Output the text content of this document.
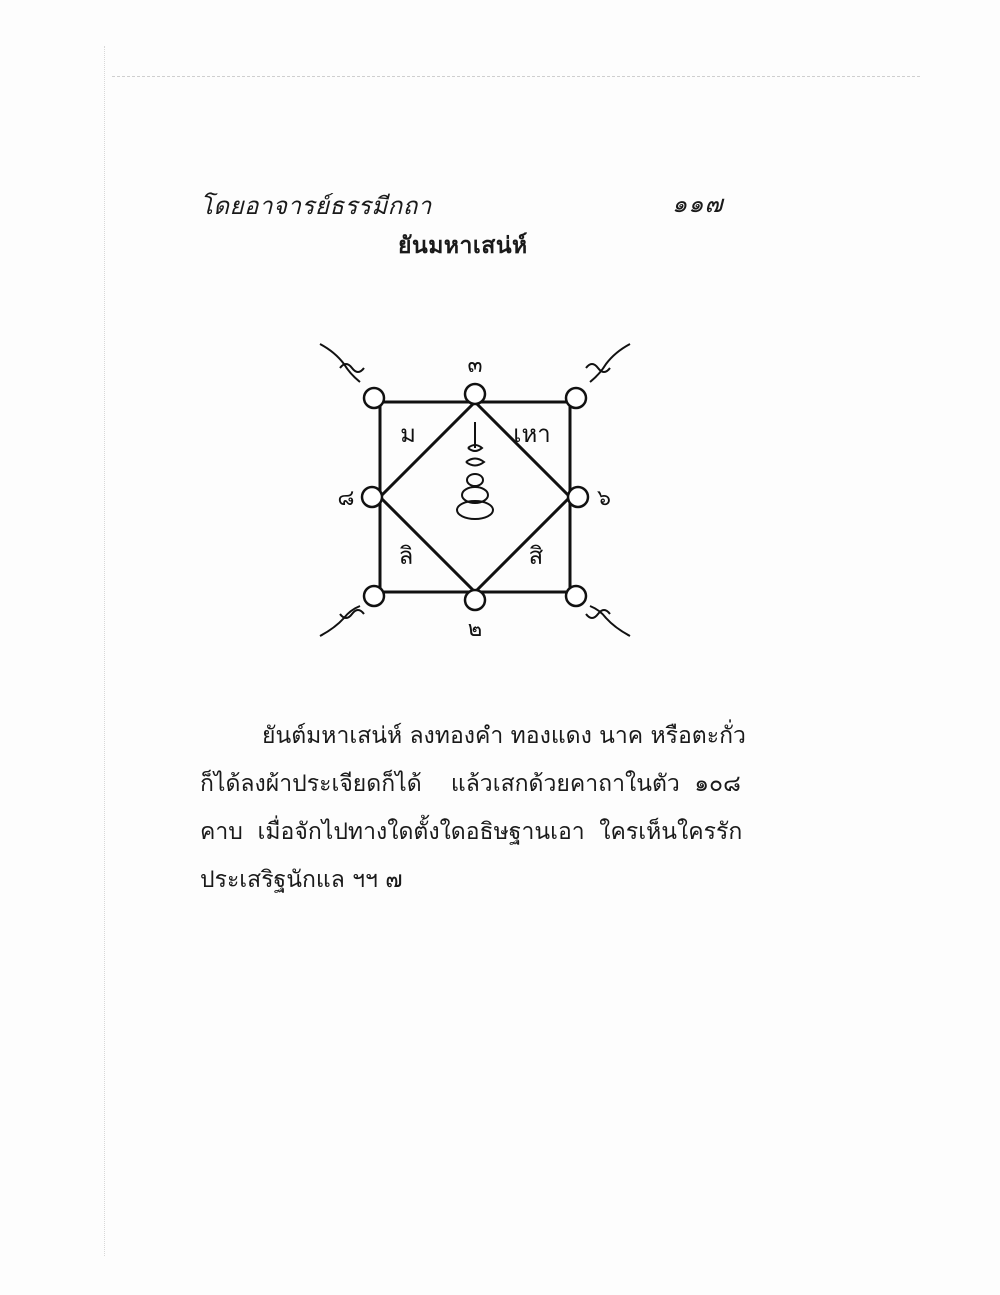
โดยอาจารย์ธรรมีกถา	๑๑๗
ยันมหาเสน่ห์
๓
๘	๖
๒
ม	เหา
ลิ	สิ
ยันต์มหาเสน่ห์ ลงทองคำ ทองแดง นาค หรือตะกั่ว
ก็ได้ลงผ้าประเจียดก็ได้    แล้วเสกด้วยคาถาในตัว  ๑๐๘
คาบ  เมื่อจักไปทางใดตั้งใดอธิษฐานเอา  ใครเห็นใครรัก
ประเสริฐนักแล ฯฯ ๗
